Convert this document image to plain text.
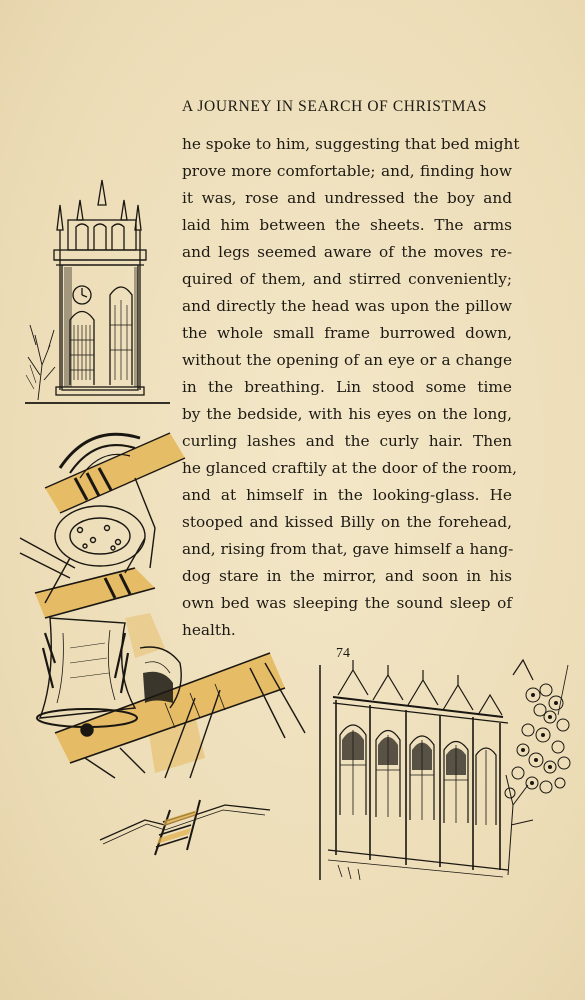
A JOURNEY IN SEARCH OF CHRISTMAS
he spoke to him, suggesting that bed might
prove more comfortable; and, finding how
it was, rose and undressed the boy and
laid him between the sheets. The arms
and legs seemed aware of the moves re-
quired of them, and stirred conveniently;
and directly the head was upon the pillow
the whole small frame burrowed down,
without the opening of an eye or a change
in the breathing. Lin stood some time
by the bedside, with his eyes on the long,
curling lashes and the curly hair. Then
he glanced craftily at the door of the room,
and at himself in the looking-glass. He
stooped and kissed Billy on the forehead,
and, rising from that, gave himself a hang-
dog stare in the mirror, and soon in his
own bed was sleeping the sound sleep of
health.
74
